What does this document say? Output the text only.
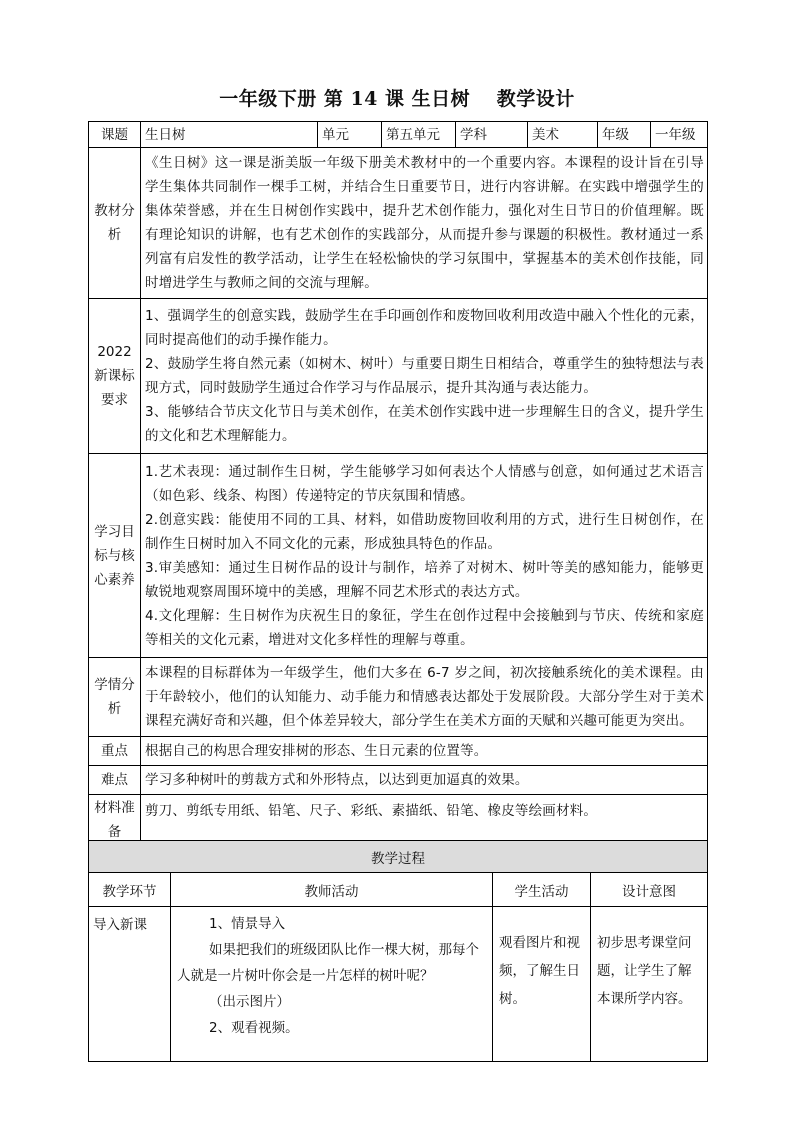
一年级下册 第 14 课 生日树 　教学设计
课题	生日树	单元	第五单元	学科	美术	年级	一年级
教材分析	《生日树》这一课是浙美版一年级下册美术教材中的一个重要内容。本课程的设计旨在引导学生集体共同制作一棵手工树，并结合生日重要节日，进行内容讲解。在实践中增强学生的集体荣誉感，并在生日树创作实践中，提升艺术创作能力，强化对生日节日的价值理解。既有理论知识的讲解，也有艺术创作的实践部分，从而提升参与课题的积极性。教材通过一系列富有启发性的教学活动，让学生在轻松愉快的学习氛围中，掌握基本的美术创作技能，同时增进学生与教师之间的交流与理解。						
2022 新课标要求	1、强调学生的创意实践，鼓励学生在手印画创作和废物回收利用改造中融入个性化的元素，同时提高他们的动手操作能力。
2、鼓励学生将自然元素（如树木、树叶）与重要日期生日相结合，尊重学生的独特想法与表现方式，同时鼓励学生通过合作学习与作品展示，提升其沟通与表达能力。
3、能够结合节庆文化节日与美术创作，在美术创作实践中进一步理解生日的含义，提升学生的文化和艺术理解能力。						

学习目标与核心素养	1.艺术表现：通过制作生日树，学生能够学习如何表达个人情感与创意，如何通过艺术语言（如色彩、线条、构图）传递特定的节庆氛围和情感。
2.创意实践：能使用不同的工具、材料，如借助废物回收利用的方式，进行生日树创作，在制作生日树时加入不同文化的元素，形成独具特色的作品。
3.审美感知：通过生日树作品的设计与制作，培养了对树木、树叶等美的感知能力，能够更敏锐地观察周围环境中的美感，理解不同艺术形式的表达方式。
4.文化理解：生日树作为庆祝生日的象征，学生在创作过程中会接触到与节庆、传统和家庭等相关的文化元素，增进对文化多样性的理解与尊重。						

学情分析	本课程的目标群体为一年级学生，他们大多在 6-7 岁之间，初次接触系统化的美术课程。由于年龄较小，他们的认知能力、动手能力和情感表达都处于发展阶段。大部分学生对于美术课程充满好奇和兴趣，但个体差异较大，部分学生在美术方面的天赋和兴趣可能更为突出。						
重点	根据自己的构思合理安排树的形态、生日元素的位置等。						
难点	学习多种树叶的剪裁方式和外形特点，以达到更加逼真的效果。						
材料准备	剪刀、剪纸专用纸、铅笔、尺子、彩纸、素描纸、铅笔、橡皮等绘画材料。						
教学过程			
教学环节	教师活动	学生活动	设计意图
导入新课	1、情景导入

如果把我们的班级团队比作一棵大树，那每个人就是一片树叶你会是一片怎样的树叶呢？

（出示图片）

2、观看视频。	观看图片和视频，了解生日树。	初步思考课堂问题，让学生了解本课所学内容。
